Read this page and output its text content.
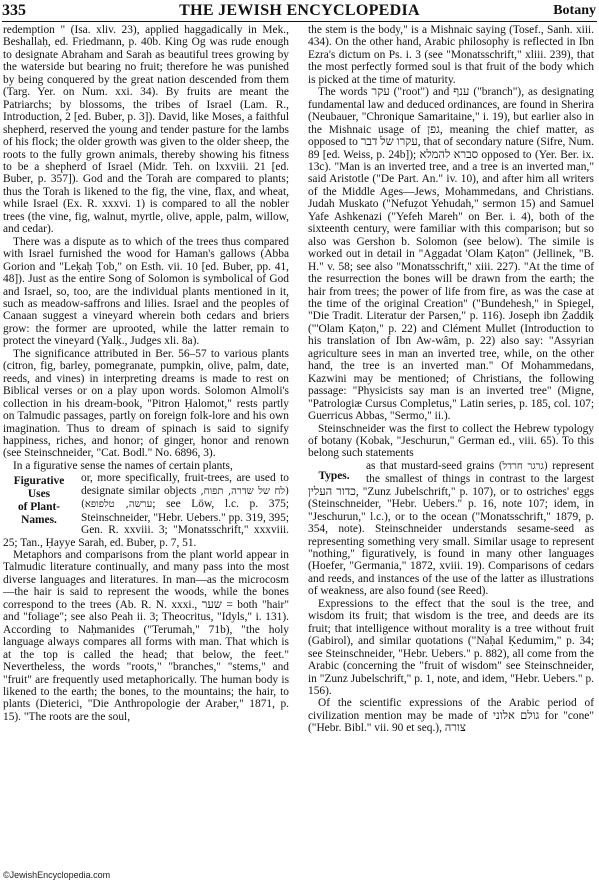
335	THE JEWISH ENCYCLOPEDIA	Botany

redemption " (Isa. xliv. 23), applied haggadically in Mek., Beshallaḥ, ed. Friedmann, p. 40b. King Og was rude enough to designate Abraham and Sarah as beautiful trees growing by the waterside but bearing no fruit; therefore he was punished by being conquered by the great nation descended from them (Targ. Yer. on Num. xxi. 34). By fruits are meant the Patriarchs; by blossoms, the tribes of Israel (Lam. R., Introduction, 2 [ed. Buber, p. 3]). David, like Moses, a faithful shepherd, reserved the young and tender pasture for the lambs of his flock; the older growth was given to the older sheep, the roots to the fully grown animals, thereby showing his fitness to be a shepherd of Israel (Midr. Teh. on lxxviii. 21 [ed. Buber, p. 357]). God and the Torah are compared to plants; thus the Torah is likened to the fig, the vine, flax, and wheat, while Israel (Ex. R. xxxvi. 1) is compared to all the nobler trees (the vine, fig, walnut, myrtle, olive, apple, palm, willow, and cedar).

There was a dispute as to which of the trees thus compared with Israel furnished the wood for Haman's gallows (Abba Gorion and "Leḳaḥ Ṭob," on Esth. vii. 10 [ed. Buber, pp. 41, 48]). Just as the entire Song of Solomon is symbolical of God and Israel, so, too, are the individual plants mentioned in it, such as meadow-saffrons and lilies. Israel and the peoples of Canaan suggest a vineyard wherein both cedars and briers grow: the former are uprooted, while the latter remain to protect the vineyard (Yalḳ., Judges xli. 8a).

The significance attributed in Ber. 56–57 to various plants (citron, fig, barley, pomegranate, pumpkin, olive, palm, date, reeds, and vines) in interpreting dreams is made to rest on Biblical verses or on a play upon words. Solomon Almoli's collection in his dream-book, "Pitron Ḥalomot," rests partly on Talmudic passages, partly on foreign folk-lore and his own imagination. Thus to dream of spinach is said to signify happiness, riches, and honor; of ginger, honor and renown (see Steinschneider, "Cat. Bodl." No. 6896, 3).

In a figurative sense the names of certain plants,

Figurative
Uses
of Plant-
Names.

or, more specifically, fruit-trees, are used to designate similar objects (לח של שדרה, תפוח, ערשה, טלפופא); see Löw, l.c. p. 375; Steinschneider, "Hebr. Uebers." pp. 319, 395; Gen. R. xxviii. 3; "Monatsschrift," xxxviii. 25; Tan., Ḥayye Sarah, ed. Buber, p. 7, 51.

Metaphors and comparisons from the plant world appear in Talmudic literature continually, and many pass into the most diverse languages and literatures. In man—as the microcosm—the hair is said to represent the woods, while the bones correspond to the trees (Ab. R. N. xxxi., שער = both "hair" and "foliage"; see also Peah ii. 3; Theocritus, "Idyls," i. 131). According to Naḥmanides ("Terumah," 71b), "the holy language always compares all forms with man. That which is at the top is called the head; that below, the feet." Nevertheless, the words "roots," "branches," "stems," and "fruit" are frequently used metaphorically. The human body is likened to the earth; the bones, to the mountains; the hair, to plants (Dieterici, "Die Anthropologie der Araber," 1871, p. 15). "The roots are the soul,

the stem is the body," is a Mishnaic saying (Tosef., Sanh. xiii. 434). On the other hand, Arabic philosophy is reflected in Ibn Ezra's dictum on Ps. i. 3 (see "Monatsschrift," xliii. 239), that the most perfectly formed soul is that fruit of the body which is picked at the time of maturity.

The words עקר ("root") and ענף ("branch"), as designating fundamental law and deduced ordinances, are found in Sherira (Neubauer, "Chronique Samaritaine," i. 19), but earlier also in the Mishnaic usage of גפן, meaning the chief matter, as opposed to עקרו של דבר, that of secondary nature (Sifre, Num. 89 [ed. Weiss, p. 24b]); סברא להמלא opposed to (Yer. Ber. ix. 13c). "Man is an inverted tree, and a tree is an inverted man," said Aristotle ("De Part. An." iv. 10), and after him all writers of the Middle Ages—Jews, Mohammedans, and Christians. Judah Muskato ("Nefuẓot Yehudah," sermon 15) and Samuel Yafe Ashkenazi ("Yefeh Mareh" on Ber. i. 4), both of the sixteenth century, were familiar with this comparison; but so also was Gershon b. Solomon (see below). The simile is worked out in detail in "Aggadat 'Olam Ḳaṭon" (Jellinek, "B. H." v. 58; see also "Monatsschrift," xiii. 227). "At the time of the resurrection the bones will be drawn from the earth; the hair from trees; the power of life from fire, as was the case at the time of the original Creation" ("Bundehesh," in Spiegel, "Die Tradit. Literatur der Parsen," p. 116). Joseph ibn Ẓaddiḳ ("'Olam Ḳaṭon," p. 22) and Clément Mullet (Introduction to his translation of Ibn Aw-wâm, p. 22) also say: "Assyrian agriculture sees in man an inverted tree, while, on the other hand, the tree is an inverted man." Of Mohammedans, Kazwini may be mentioned; of Christians, the following passage: "Physicists say man is an inverted tree" (Migne, "Patrologiæ Cursus Completus," Latin series, p. 185, col. 107; Guerricus Abbas, "Sermo," ii.).

Steinschneider was the first to collect the Hebrew typology of botany (Kobak, "Jeschurun," German ed., viii. 65). To this belong such statements

Types.

as that mustard-seed grains (גרגר חרדל) represent the smallest of things in contrast to the largest כדור העלין, "Zunz Jubelschrift," p. 107), or to ostriches' eggs (Steinschneider, "Hebr. Uebers." p. 16, note 107; idem, in "Jeschurun," l.c.), or to the ocean ("Monatsschrift," 1879, p. 354, note). Steinschneider understands sesame-seed as representing something very small. Similar usage to represent "nothing," figuratively, is found in many other languages (Hoefer, "Germania," 1872, xviii. 19). Comparisons of cedars and reeds, and instances of the use of the latter as illustrations of weakness, are also found (see Reed).

Expressions to the effect that the soul is the tree, and wisdom its fruit; that wisdom is the tree, and deeds are its fruit; that intelligence without morality is a tree without fruit (Gabirol), and similar quotations ("Naḥal Ḳedumim," p. 34; see Steinschneider, "Hebr. Uebers." p. 882), all come from the Arabic (concerning the "fruit of wisdom" see Steinschneider, in "Zunz Jubelschrift," p. 1, note, and idem, "Hebr. Uebers." p. 156).

Of the scientific expressions of the Arabic period of civilization mention may be made of גולם אלוני for "cone" ("Hebr. Bibl." vii. 90 et seq.), צורה

©JewishEncyclopedia.com
